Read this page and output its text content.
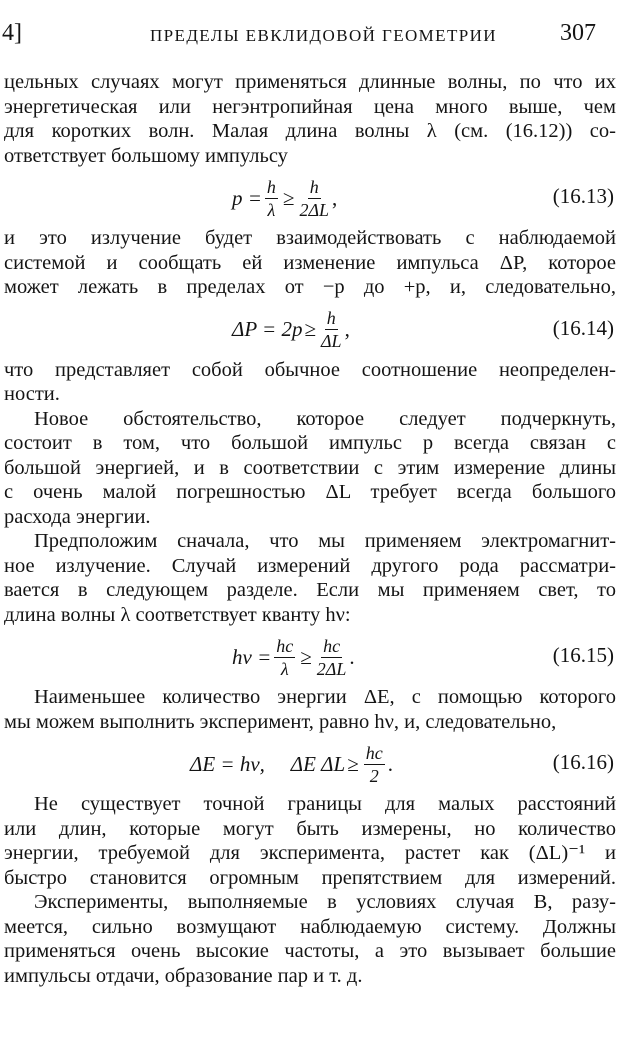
4]	ПРЕДЕЛЫ ЕВКЛИДОВОЙ ГЕОМЕТРИИ	307
цельных случаях могут применяться длинные волны, по что их
энергетическая или негэнтропийная цена много выше, чем
для коротких волн. Малая длина волны λ (см. (16.12)) со-
ответствует большому импульсу
$p = \frac{h}{\lambda} \ge \frac{h}{2\Delta L}$ ,	(16.13)
и это излучение будет взаимодействовать с наблюдаемой
системой и сообщать ей изменение импульса ΔP, которое
может лежать в пределах от −p до +p, и, следовательно,
$\Delta P = 2p \ge \frac{h}{\Delta L}$ ,	(16.14)
что представляет собой обычное соотношение неопределен-
ности.
Новое обстоятельство, которое следует подчеркнуть,
состоит в том, что большой импульс p всегда связан с
большой энергией, и в соответствии с этим измерение длины
с очень малой погрешностью ΔL требует всегда большого
расхода энергии.
Предположим сначала, что мы применяем электромагнит-
ное излучение. Случай измерений другого рода рассматри-
вается в следующем разделе. Если мы применяем свет, то
длина волны λ соответствует кванту hν:
$h\nu = \frac{hc}{\lambda} \ge \frac{hc}{2\Delta L}$ .	(16.15)
Наименьшее количество энергии ΔE, с помощью которого
мы можем выполнить эксперимент, равно hν, и, следовательно,
ΔE = hν,     ΔE $\Delta L \ge \frac{hc}{2}$ .	(16.16)
Не существует точной границы для малых расстояний
или длин, которые могут быть измерены, но количество
энергии, требуемой для эксперимента, растет как (ΔL)⁻¹ и
быстро становится огромным препятствием для измерений.
Эксперименты, выполняемые в условиях случая B, разу-
меется, сильно возмущают наблюдаемую систему. Должны
применяться очень высокие частоты, а это вызывает большие
импульсы отдачи, образование пар и т. д.
